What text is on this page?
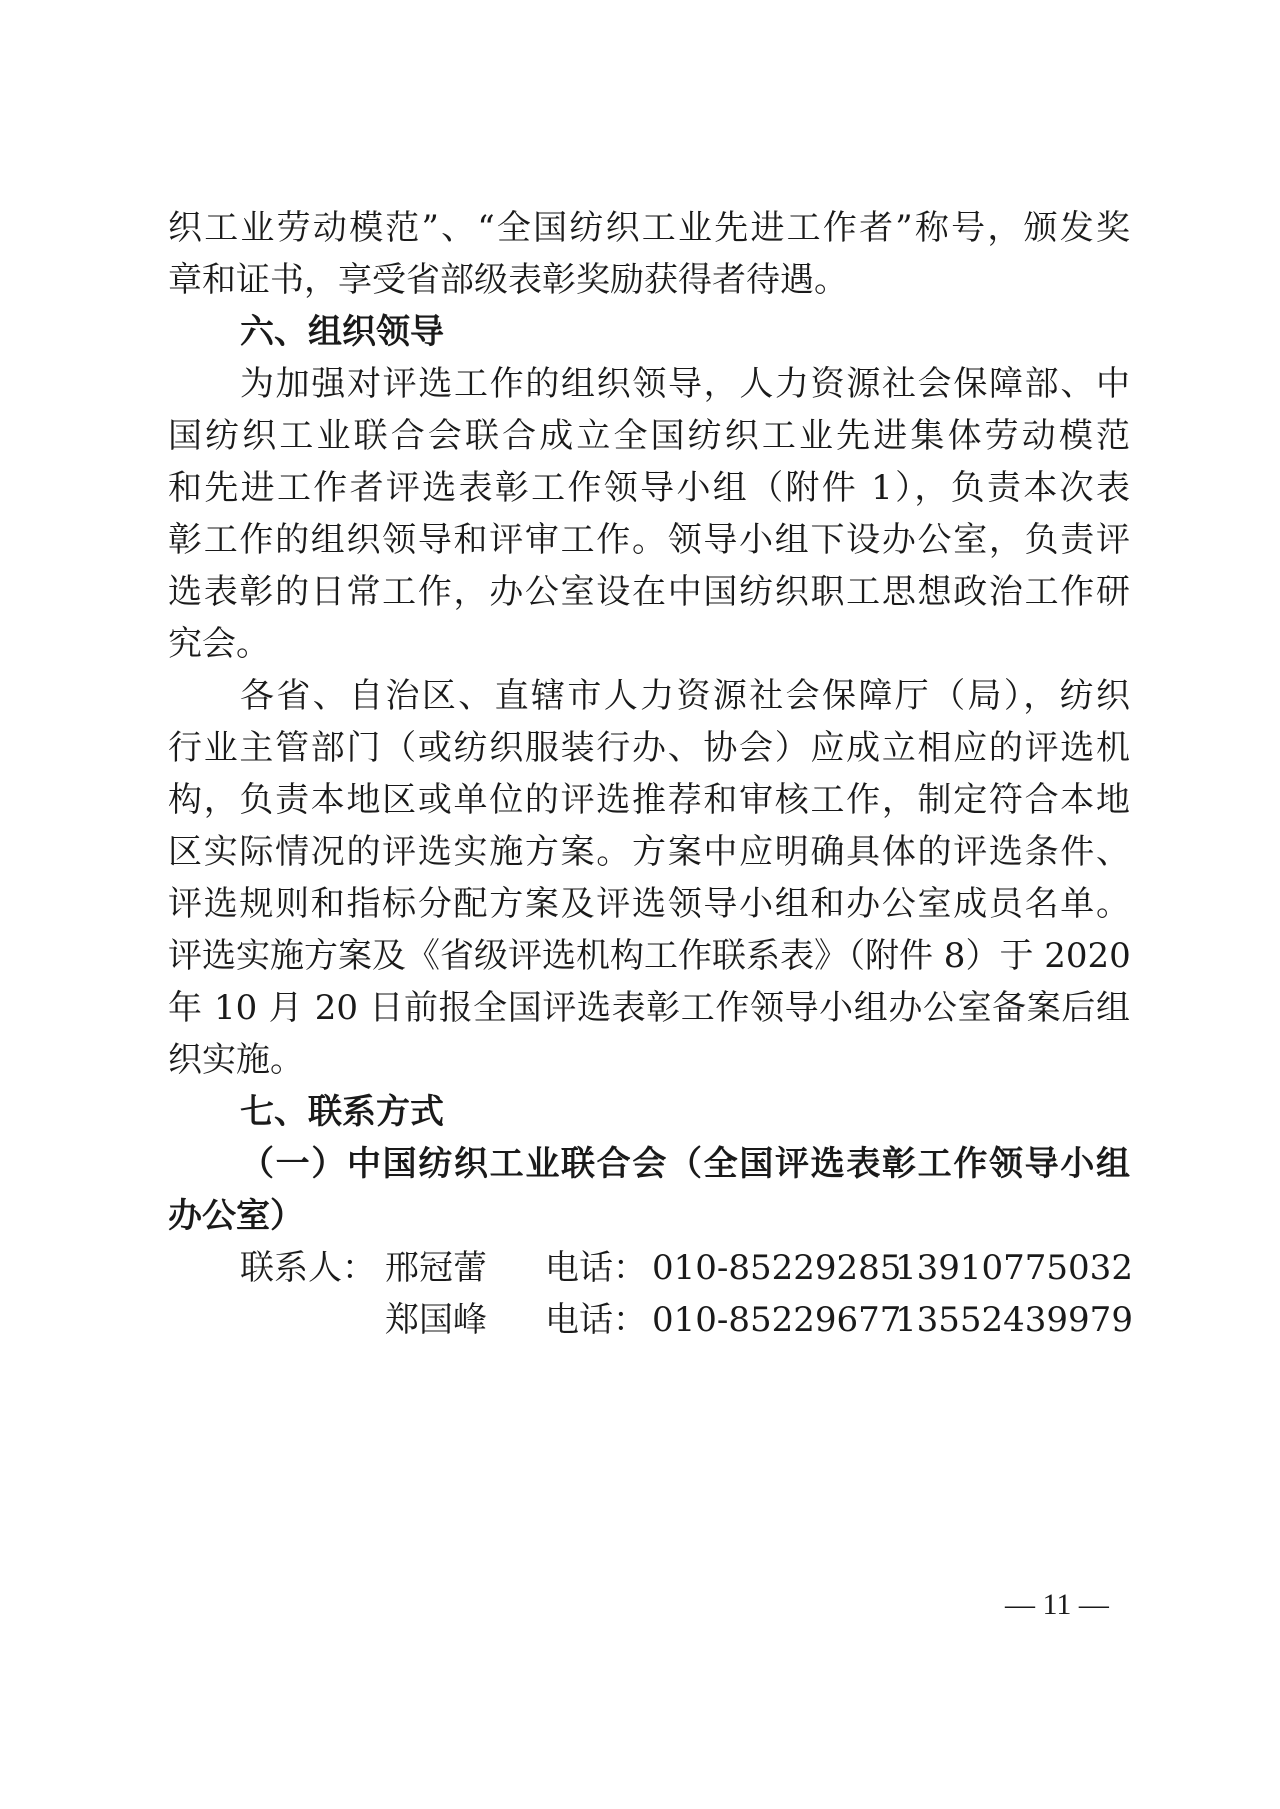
织工业劳动模范”、“全国纺织工业先进工作者”称号，颁发奖
章和证书，享受省部级表彰奖励获得者待遇。
六、组织领导
为加强对评选工作的组织领导，人力资源社会保障部、中
国纺织工业联合会联合成立全国纺织工业先进集体劳动模范
和先进工作者评选表彰工作领导小组（附件 1），负责本次表
彰工作的组织领导和评审工作。领导小组下设办公室，负责评
选表彰的日常工作，办公室设在中国纺织职工思想政治工作研
究会。
各省、自治区、直辖市人力资源社会保障厅（局），纺织
行业主管部门（或纺织服装行办、协会）应成立相应的评选机
构，负责本地区或单位的评选推荐和审核工作，制定符合本地
区实际情况的评选实施方案。方案中应明确具体的评选条件、
评选规则和指标分配方案及评选领导小组和办公室成员名单。
评选实施方案及《省级评选机构工作联系表》（附件 8）于 2020
年 10 月 20 日前报全国评选表彰工作领导小组办公室备案后组
织实施。
七、联系方式
（一）中国纺织工业联合会（全国评选表彰工作领导小组
办公室）
联系人： 邢冠蕾 电话： 010-85229285
13910775032
郑国峰 电话： 010-85229677
13552439979
— 11 —
